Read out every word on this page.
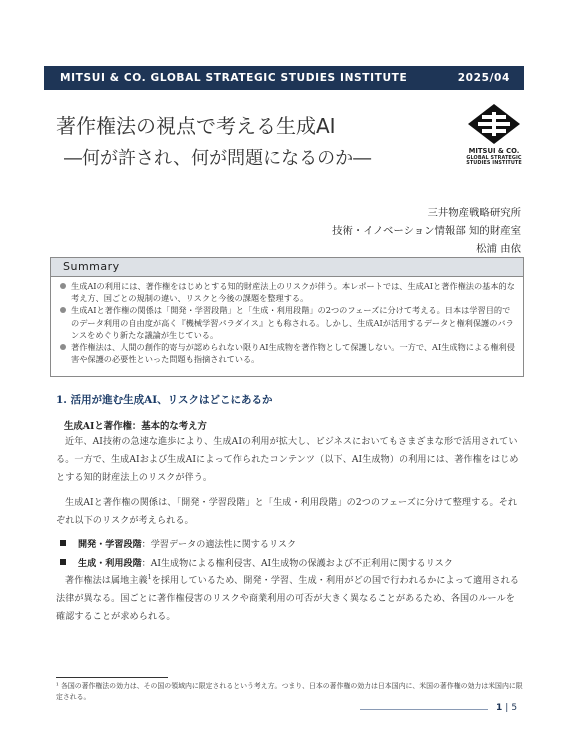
MITSUI & CO. GLOBAL STRATEGIC STUDIES INSTITUTE	2025/04
著作権法の視点で考える生成AI
―何が許され、何が問題になるのか―	MITSUI & CO.
GLOBAL STRATEGIC
STUDIES INSTITUTE
三井物産戦略研究所
技術・イノベーション情報部 知的財産室
松浦 由依
Summary
生成AIの利用には、著作権をはじめとする知的財産法上のリスクが伴う。本レポートでは、生成AIと著作権法の基本的な考え方、国ごとの規制の違い、リスクと今後の課題を整理する。
生成AIと著作権の関係は「開発・学習段階」と「生成・利用段階」の2つのフェーズに分けて考える。日本は学習目的でのデータ利用の自由度が高く『機械学習パラダイス』とも称される。しかし、生成AIが活用するデータと権利保護のバランスをめぐり新たな議論が生じている。
著作権法は、人間の創作的寄与が認められない限りAI生成物を著作物として保護しない。一方で、AI生成物による権利侵害や保護の必要性といった問題も指摘されている。
1. 活用が進む生成AI、リスクはどこにあるか
生成AIと著作権：基本的な考え方
近年、AI技術の急速な進歩により、生成AIの利用が拡大し、ビジネスにおいてもさまざまな形で活用されている。一方で、生成AIおよび生成AIによって作られたコンテンツ（以下、AI生成物）の利用には、著作権をはじめとする知的財産法上のリスクが伴う。
生成AIと著作権の関係は、「開発・学習段階」と「生成・利用段階」の2つのフェーズに分けて整理する。それぞれ以下のリスクが考えられる。
開発・学習段階：学習データの適法性に関するリスク
生成・利用段階：AI生成物による権利侵害、AI生成物の保護および不正利用に関するリスク
著作権法は属地主義$^1$を採用しているため、開発・学習、生成・利用がどの国で行われるかによって適用される法律が異なる。国ごとに著作権侵害のリスクや商業利用の可否が大きく異なることがあるため、各国のルールを確認することが求められる。
¹ 各国の著作権法の効力は、その国の領域内に限定されるという考え方。つまり、日本の著作権の効力は日本国内に、米国の著作権の効力は米国内に限定される。
1 | 5
